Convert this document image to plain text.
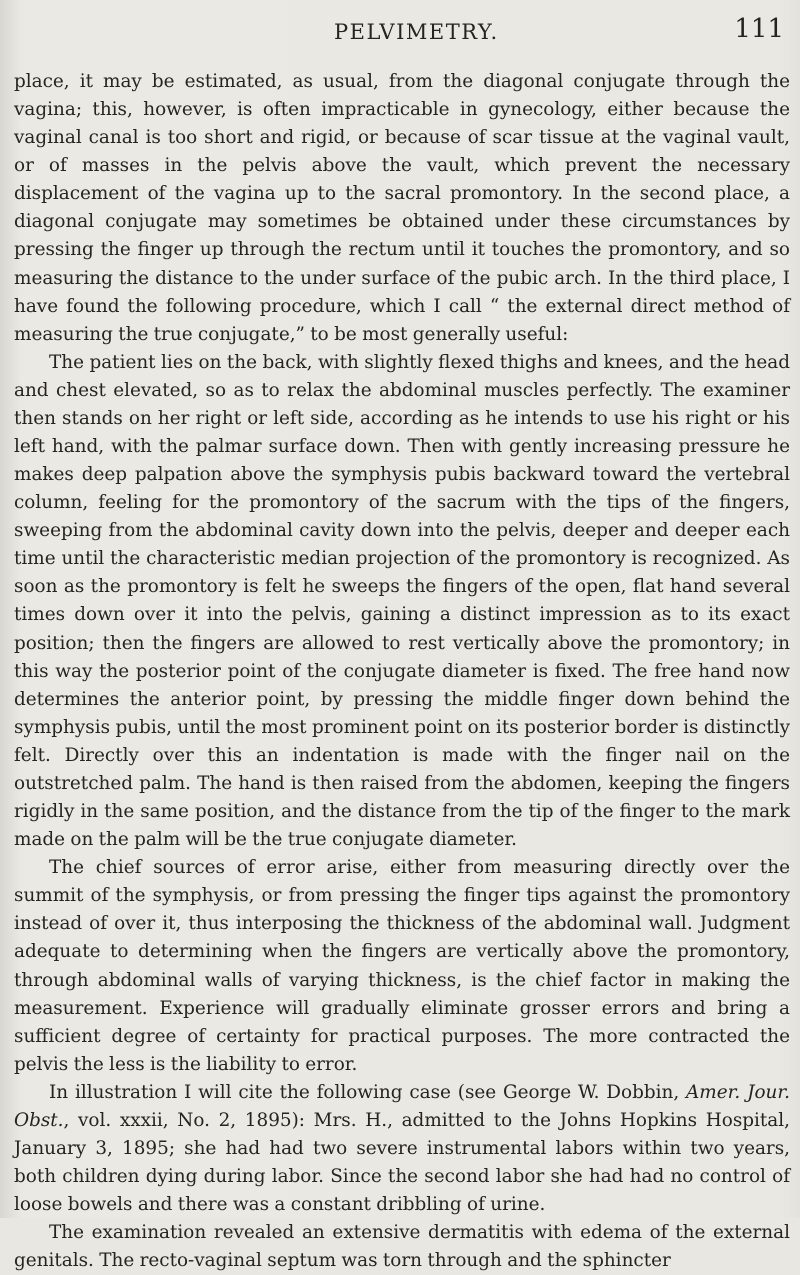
PELVIMETRY.	111

place, it may be estimated, as usual, from the diagonal conjugate through the vagina; this, however, is often impracticable in gynecology, either because the vaginal canal is too short and rigid, or because of scar tissue at the vaginal vault, or of masses in the pelvis above the vault, which prevent the necessary displacement of the vagina up to the sacral promontory. In the second place, a diagonal conjugate may sometimes be obtained under these circumstances by pressing the finger up through the rectum until it touches the promontory, and so measuring the distance to the under surface of the pubic arch. In the third place, I have found the following procedure, which I call “ the external direct method of measuring the true conjugate,” to be most generally useful:

The patient lies on the back, with slightly flexed thighs and knees, and the head and chest elevated, so as to relax the abdominal muscles perfectly. The examiner then stands on her right or left side, according as he intends to use his right or his left hand, with the palmar surface down. Then with gently increasing pressure he makes deep palpation above the symphysis pubis backward toward the vertebral column, feeling for the promontory of the sacrum with the tips of the fingers, sweeping from the abdominal cavity down into the pelvis, deeper and deeper each time until the characteristic median projection of the promontory is recognized. As soon as the promontory is felt he sweeps the fingers of the open, flat hand several times down over it into the pelvis, gaining a distinct impression as to its exact position; then the fingers are allowed to rest vertically above the promontory; in this way the posterior point of the conjugate diameter is fixed. The free hand now determines the anterior point, by pressing the middle finger down behind the symphysis pubis, until the most prominent point on its posterior border is distinctly felt. Directly over this an indentation is made with the finger nail on the outstretched palm. The hand is then raised from the abdomen, keeping the fingers rigidly in the same position, and the distance from the tip of the finger to the mark made on the palm will be the true conjugate diameter.

The chief sources of error arise, either from measuring directly over the summit of the symphysis, or from pressing the finger tips against the promontory instead of over it, thus interposing the thickness of the abdominal wall. Judgment adequate to determining when the fingers are vertically above the promontory, through abdominal walls of varying thickness, is the chief factor in making the measurement. Experience will gradually eliminate grosser errors and bring a sufficient degree of certainty for practical purposes. The more contracted the pelvis the less is the liability to error.

In illustration I will cite the following case (see George W. Dobbin, Amer. Jour. Obst., vol. xxxii, No. 2, 1895): Mrs. H., admitted to the Johns Hopkins Hospital, January 3, 1895; she had had two severe instrumental labors within two years, both children dying during labor. Since the second labor she had had no control of loose bowels and there was a constant dribbling of urine.

The examination revealed an extensive dermatitis with edema of the external genitals. The recto-vaginal septum was torn through and the sphincter
